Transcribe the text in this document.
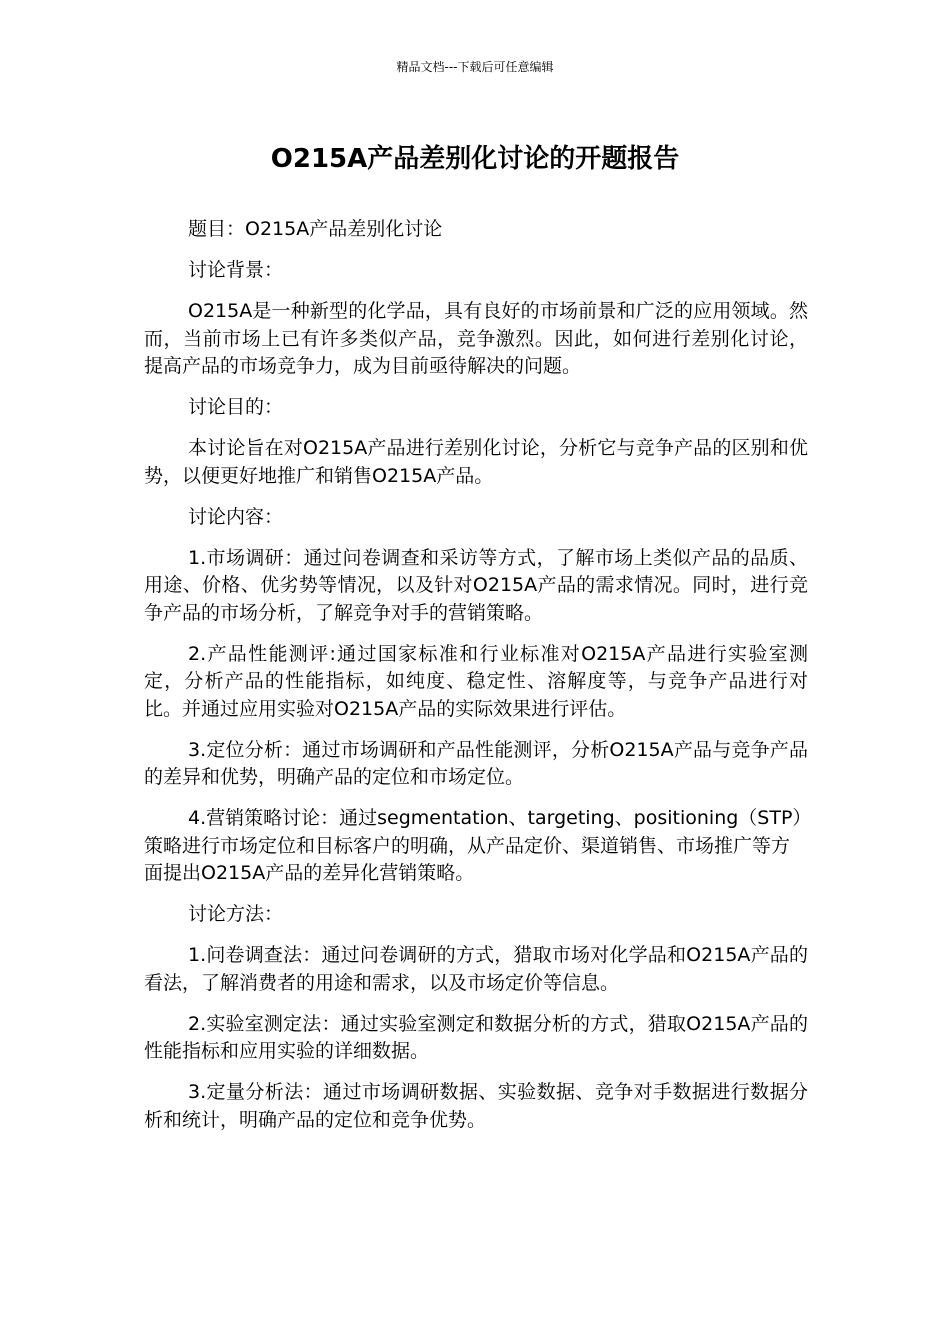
精品文档---下载后可任意编辑
O215A产品差别化讨论的开题报告

题目：O215A产品差别化讨论

讨论背景：

O215A是一种新型的化学品，具有良好的市场前景和广泛的应用领域。然而，当前市场上已有许多类似产品，竞争激烈。因此，如何进行差别化讨论，提高产品的市场竞争力，成为目前亟待解决的问题。

讨论目的：

本讨论旨在对O215A产品进行差别化讨论，分析它与竞争产品的区别和优势，以便更好地推广和销售O215A产品。

讨论内容：

1.市场调研：通过问卷调查和采访等方式，了解市场上类似产品的品质、用途、价格、优劣势等情况，以及针对O215A产品的需求情况。同时，进行竞争产品的市场分析，了解竞争对手的营销策略。

2.产品性能测评:通过国家标准和行业标准对O215A产品进行实验室测定，分析产品的性能指标，如纯度、稳定性、溶解度等，与竞争产品进行对比。并通过应用实验对O215A产品的实际效果进行评估。

3.定位分析：通过市场调研和产品性能测评，分析O215A产品与竞争产品的差异和优势，明确产品的定位和市场定位。

4.营销策略讨论：通过segmentation、targeting、positioning（STP）策略进行市场定位和目标客户的明确，从产品定价、渠道销售、市场推广等方面提出O215A产品的差异化营销策略。

讨论方法：

1.问卷调查法：通过问卷调研的方式，猎取市场对化学品和O215A产品的看法，了解消费者的用途和需求，以及市场定价等信息。

2.实验室测定法：通过实验室测定和数据分析的方式，猎取O215A产品的性能指标和应用实验的详细数据。

3.定量分析法：通过市场调研数据、实验数据、竞争对手数据进行数据分析和统计，明确产品的定位和竞争优势。
